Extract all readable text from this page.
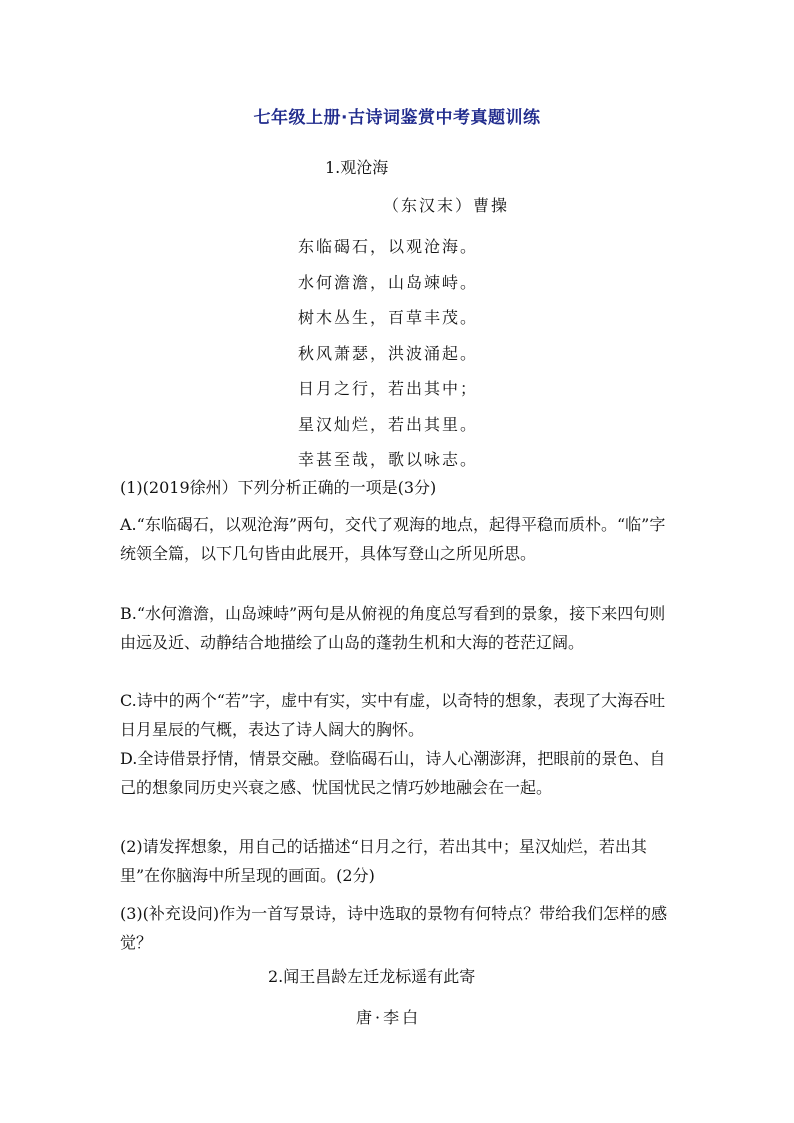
七年级上册·古诗词鉴赏中考真题训练
1.观沧海
（东汉末）曹操
东临碣石，以观沧海。
水何澹澹，山岛竦峙。
树木丛生，百草丰茂。
秋风萧瑟，洪波涌起。
日月之行，若出其中；
星汉灿烂，若出其里。
幸甚至哉，歌以咏志。

(1)(2019徐州）下列分析正确的一项是(3分)

A.“东临碣石，以观沧海”两句，交代了观海的地点，起得平稳而质朴。“临”字统领全篇，以下几句皆由此展开，具体写登山之所见所思。

B.“水何澹澹，山岛竦峙”两句是从俯视的角度总写看到的景象，接下来四句则由远及近、动静结合地描绘了山岛的蓬勃生机和大海的苍茫辽阔。

C.诗中的两个“若”字，虚中有实，实中有虚，以奇特的想象，表现了大海吞吐日月星辰的气概，表达了诗人阔大的胸怀。

D.全诗借景抒情，情景交融。登临碣石山，诗人心潮澎湃，把眼前的景色、自己的想象同历史兴衰之感、忧国忧民之情巧妙地融会在一起。

(2)请发挥想象，用自己的话描述“日月之行，若出其中；星汉灿烂，若出其里”在你脑海中所呈现的画面。(2分)

(3)(补充设问)作为一首写景诗，诗中选取的景物有何特点？带给我们怎样的感觉？

2.闻王昌龄左迁龙标遥有此寄
唐·李白
